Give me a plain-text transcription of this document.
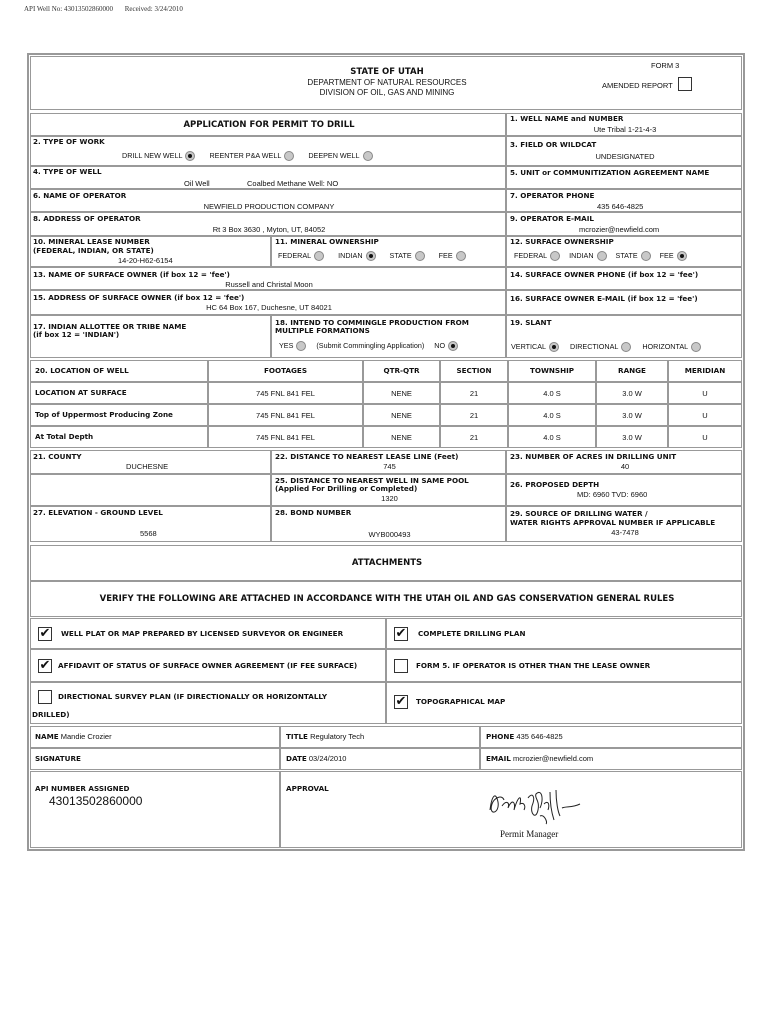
API Well No: 43013502860000 Received: 3/24/2010
STATE OF UTAH
DEPARTMENT OF NATURAL RESOURCES
DIVISION OF OIL, GAS AND MINING
FORM 3
AMENDED REPORT
APPLICATION FOR PERMIT TO DRILL
1. WELL NAME and NUMBER
Ute Tribal 1-21-4-3
2. TYPE OF WORK
DRILL NEW WELL	REENTER P&A WELL	DEEPEN WELL
3. FIELD OR WILDCAT
UNDESIGNATED
4. TYPE OF WELL
Oil Well	Coalbed Methane Well: NO
5. UNIT or COMMUNITIZATION AGREEMENT NAME
6. NAME OF OPERATOR
NEWFIELD PRODUCTION COMPANY
7. OPERATOR PHONE
435 646-4825
8. ADDRESS OF OPERATOR
Rt 3 Box 3630 , Myton, UT, 84052
9. OPERATOR E-MAIL
mcrozier@newfield.com
10. MINERAL LEASE NUMBER
(FEDERAL, INDIAN, OR STATE)
14-20-H62-6154
11. MINERAL OWNERSHIP
FEDERAL	INDIAN	STATE	FEE
12. SURFACE OWNERSHIP
FEDERAL	INDIAN	STATE	FEE
13. NAME OF SURFACE OWNER (if box 12 = 'fee')
Russell and Christal Moon
14. SURFACE OWNER PHONE (if box 12 = 'fee')
15. ADDRESS OF SURFACE OWNER (if box 12 = 'fee')
HC 64 Box 167, Duchesne, UT 84021
16. SURFACE OWNER E-MAIL (if box 12 = 'fee')
17. INDIAN ALLOTTEE OR TRIBE NAME
(if box 12 = 'INDIAN')
18. INTEND TO COMMINGLE PRODUCTION FROM
MULTIPLE FORMATIONS
YES	(Submit Commingling Application) NO
19. SLANT
VERTICAL	DIRECTIONAL	HORIZONTAL
20. LOCATION OF WELL	FOOTAGES	QTR-QTR	SECTION	TOWNSHIP	RANGE	MERIDIAN
LOCATION AT SURFACE	745 FNL 841 FEL	NENE	21	4.0 S	3.0 W	U
Top of Uppermost Producing Zone	745 FNL 841 FEL	NENE	21	4.0 S	3.0 W	U
At Total Depth	745 FNL 841 FEL	NENE	21	4.0 S	3.0 W	U
21. COUNTY
DUCHESNE
22. DISTANCE TO NEAREST LEASE LINE (Feet)
745
23. NUMBER OF ACRES IN DRILLING UNIT
40
25. DISTANCE TO NEAREST WELL IN SAME POOL
(Applied For Drilling or Completed)
1320
26. PROPOSED DEPTH
MD: 6960 TVD: 6960
27. ELEVATION - GROUND LEVEL
5568
28. BOND NUMBER
WYB000493
29. SOURCE OF DRILLING WATER /
WATER RIGHTS APPROVAL NUMBER IF APPLICABLE
43-7478
ATTACHMENTS
VERIFY THE FOLLOWING ARE ATTACHED IN ACCORDANCE WITH THE UTAH OIL AND GAS CONSERVATION GENERAL RULES
✔ WELL PLAT OR MAP PREPARED BY LICENSED SURVEYOR OR ENGINEER	✔ COMPLETE DRILLING PLAN
✔ AFFIDAVIT OF STATUS OF SURFACE OWNER AGREEMENT (IF FEE SURFACE)	FORM 5. IF OPERATOR IS OTHER THAN THE LEASE OWNER
DIRECTIONAL SURVEY PLAN (IF DIRECTIONALLY OR HORIZONTALLY
DRILLED)
✔ TOPOGRAPHICAL MAP
NAME Mandie Crozier	TITLE Regulatory Tech	PHONE 435 646-4825
SIGNATURE	DATE 03/24/2010	EMAIL mcrozier@newfield.com
API NUMBER ASSIGNED
43013502860000
APPROVAL
Permit Manager
